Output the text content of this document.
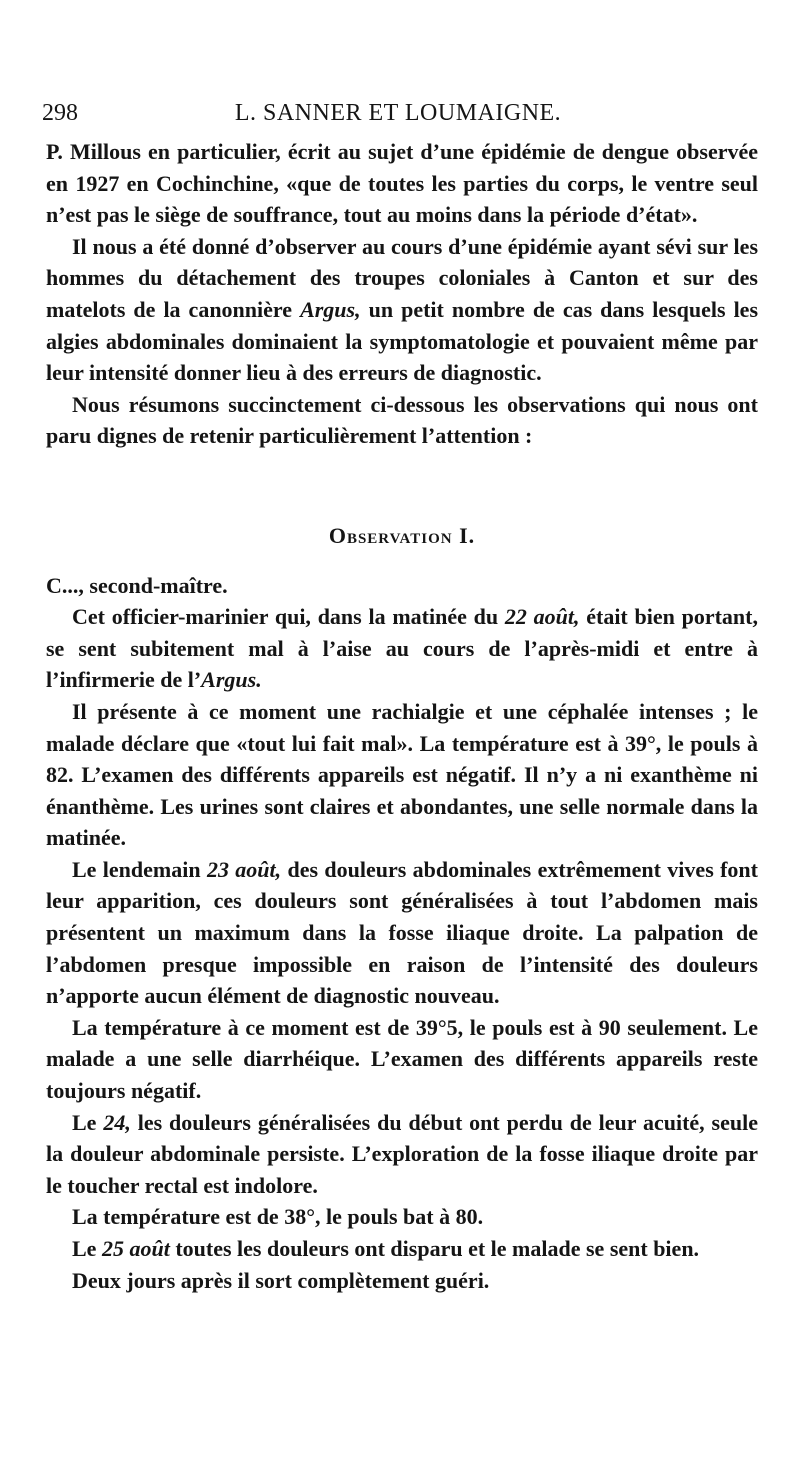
298	L. SANNER ET LOUMAIGNE.

P. Millous en particulier, écrit au sujet d’une épidémie de dengue observée en 1927 en Cochinchine, «que de toutes les parties du corps, le ventre seul n’est pas le siège de souffrance, tout au moins dans la période d’état».

Il nous a été donné d’observer au cours d’une épidémie ayant sévi sur les hommes du détachement des troupes coloniales à Canton et sur des matelots de la canonnière Argus, un petit nombre de cas dans lesquels les algies abdominales dominaient la symptomatologie et pouvaient même par leur intensité donner lieu à des erreurs de diagnostic.

Nous résumons succinctement ci-dessous les observations qui nous ont paru dignes de retenir particulièrement l’attention :

Observation I.

C..., second-maître.

Cet officier-marinier qui, dans la matinée du 22 août, était bien portant, se sent subitement mal à l’aise au cours de l’après-midi et entre à l’infirmerie de l’Argus.

Il présente à ce moment une rachialgie et une céphalée intenses ; le malade déclare que «tout lui fait mal». La température est à 39°, le pouls à 82. L’examen des différents appareils est négatif. Il n’y a ni exanthème ni énanthème. Les urines sont claires et abondantes, une selle normale dans la matinée.

Le lendemain 23 août, des douleurs abdominales extrêmement vives font leur apparition, ces douleurs sont généralisées à tout l’abdomen mais présentent un maximum dans la fosse iliaque droite. La palpation de l’abdomen presque impossible en raison de l’intensité des douleurs n’apporte aucun élément de diagnostic nouveau.

La température à ce moment est de 39°5, le pouls est à 90 seulement. Le malade a une selle diarrhéique. L’examen des différents appareils reste toujours négatif.

Le 24, les douleurs généralisées du début ont perdu de leur acuité, seule la douleur abdominale persiste. L’exploration de la fosse iliaque droite par le toucher rectal est indolore.

La température est de 38°, le pouls bat à 80.

Le 25 août toutes les douleurs ont disparu et le malade se sent bien.

Deux jours après il sort complètement guéri.
